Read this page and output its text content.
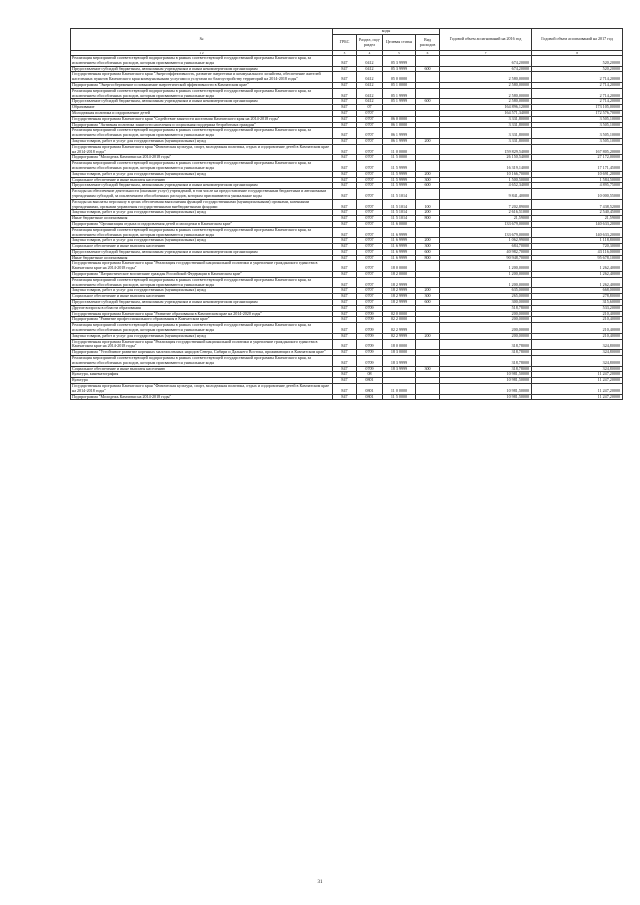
№	коды				Годовой объем ассигнований на 2016 год	Годовой объем ассигнований на 2017 год
	ГРБС	Раздел, под-раздел	Целевая статья	Вид расходов		
1 2	3	4	5	6	7	8
Реализация мероприятий соответствующей подпрограммы в рамках соответствующей государственной программы Камчатского края, за исключением обособленных расходов, которым присваиваются уникальные коды	847	0412	05 3 9999		674,20000	520,20000
Предоставление субсидий бюджетным, автономным учреждениям и иным некоммерческим организациям	847	0412	05 3 9999	600	674,20000	520,20000
Государственная программа Камчатского края "Энергоэффективность, развитие энергетики и коммунального хозяйства, обеспечение жителей населенных пунктов Камчатского края коммунальными услугами и услугами по благоустройству территорий на 2014-2018 годы"	847	0412	05 0 0000		2 580,00000	2 714,20000
Подпрограмма "Энергосбережение и повышение энергетической эффективности в Камчатском крае"	847	0412	05 1 0000		2 580,00000	2 714,20000
Реализация мероприятий соответствующей подпрограммы в рамках соответствующей государственной программы Камчатского края, за исключением обособленных расходов, которым присваиваются уникальные коды	847	0412	05 1 9999		2 580,00000	2 714,20000
Предоставление субсидий бюджетным, автономным учреждениям и иным некоммерческим организациям	847	0412	05 1 9999	600	2 580,00000	2 714,20000
Образование	847	07			164 896,12000	173 105,00000
Молодежная политика и оздоровление детей	847	0707			164 571,34000	172 576,70000
Государственная программа Камчатского края "Содействие занятости населения Камчатского края на 2014-2018 годы"	847	0707	06 0 0000		3 331,80000	3 505,10000
Подпрограмма "Активная политика занятости населения и социальная поддержка безработных граждан"	847	0707	06 1 0000		3 331,80000	3 505,10000
Реализация мероприятий соответствующей подпрограммы в рамках соответствующей государственной программы Камчатского края, за исключением обособленных расходов, которым присваиваются уникальные коды	847	0707	06 1 9999		3 331,80000	3 505,10000
Закупка товаров, работ и услуг для государственных (муниципальных) нужд	847	0707	06 1 9999	200	3 331,80000	3 505,10000
Государственная программа Камчатского края "Физическая культура, спорт, молодежная политика, отдых и оздоровление детей в Камчатском крае на 2014-2018 годы"	847	0707	11 0 0000		159 829,54000	167 805,20000
Подпрограмма "Молодежь Камчатки на 2014-2018 годы"	847	0707	11 5 0000		26 150,54000	27 172,00000
Реализация мероприятий соответствующей подпрограммы в рамках соответствующей государственной программы Камчатского края, за исключением обособленных расходов, которым присваиваются уникальные коды	847	0707	11 5 9999		16 319,14000	17 171,45000
Закупка товаров, работ и услуг для государственных (муниципальных) нужд	847	0707	11 5 9999	200	10 166,70000	10 691,20000
Социальное обеспечение и иные выплаты населению	847	0707	11 5 9999	300	1 500,50000	1 584,50000
Предоставление субсидий бюджетным, автономным учреждениям и иным некоммерческим организациям	847	0707	11 5 9999	600	4 652,34000	4 895,75000
Расходы на обеспечение деятельности (оказание услуг) учреждений, в том числе на предоставление государственным бюджетным и автономным учреждениям субсидий, за исключением обособленных расходов, которым присваиваются уникальные коды	847	0707	11 5 1014		9 841,40000	10 000,55000
Расходы на выплаты персоналу в целях обеспечения выполнения функций государственными (муниципальными) органами, казенными учреждениями, органами управления государственными внебюджетными фондами	847	0707	11 5 1014	100	7 202,89000	7 438,52000
Закупка товаров, работ и услуг для государственных (муниципальных) нужд	847	0707	11 5 1014	200	2 616,51000	2 540,45000
Иные бюджетные ассигнования	847	0707	11 5 1014	800	21,59000	21,59000
Подпрограмма "Организация отдыха и оздоровления детей и молодежи в Камчатском крае"	847	0707	11 6 0000		133 679,00000	140 633,20000
Реализация мероприятий соответствующей подпрограммы в рамках соответствующей государственной программы Камчатского края, за исключением обособленных расходов, которым присваиваются уникальные коды	847	0707	11 6 9999		133 679,00000	140 633,20000
Закупка товаров, работ и услуг для государственных (муниципальных) нужд	847	0707	11 6 9999	200	1 062,99000	1 118,80000
Социальное обеспечение и иные выплаты населению	847	0707	11 6 9999	300	684,70000	720,30000
Предоставление субсидий бюджетным, автономным учреждениям и иным некоммерческим организациям	847	0707	11 6 9999	600	40 982,70000	43 116,00000
Иные бюджетные ассигнования	847	0707	11 6 9999	800	90 948,70000	95 678,10000
Государственная программа Камчатского края "Реализация государственной национальной политики и укрепление гражданского единства в Камчатском крае на 2014-2018 годы"	847	0707	18 0 0000		1 200,00000	1 262,40000
Подпрограмма "Патриотическое воспитание граждан Российской Федерации в Камчатском крае"	847	0707	18 2 0000		1 200,00000	1 262,40000
Реализация мероприятий соответствующей подпрограммы в рамках соответствующей государственной программы Камчатского края, за исключением обособленных расходов, которым присваиваются уникальные коды	847	0707	18 2 9999		1 200,00000	1 262,40000
Закупка товаров, работ и услуг для государственных (муниципальных) нужд	847	0707	18 2 9999	200	635,00000	668,00000
Социальное обеспечение и иные выплаты населению	847	0707	18 2 9999	300	265,00000	278,80000
Предоставление субсидий бюджетным, автономным учреждениям и иным некоммерческим организациям	847	0707	18 2 9999	600	300,00000	315,60000
Другие вопросы в области образования	847	0709			518,78000	533,20000
Государственная программа Камчатского края "Развитие образования в Камчатском крае на 2014-2020 годы"	847	0709	02 0 0000		200,00000	210,40000
Подпрограмма "Развитие профессионального образования в Камчатском крае"	847	0709	02 2 0000		200,00000	210,40000
Реализация мероприятий соответствующей подпрограммы в рамках соответствующей государственной программы Камчатского края, за исключением обособленных расходов, которым присваиваются уникальные коды	847	0709	02 2 9999		200,00000	210,40000
Закупка товаров, работ и услуг для государственных (муниципальных) нужд	847	0709	02 2 9999	200	200,00000	210,40000
Государственная программа Камчатского края "Реализация государственной национальной политики и укрепление гражданского единства в Камчатском крае на 2014-2018 годы"	847	0709	18 0 0000		318,78000	324,80000
Подпрограмма "Устойчивое развитие коренных малочисленных народов Севера, Сибири и Дальнего Востока, проживающих в Камчатском крае"	847	0709	18 3 0000		318,78000	324,80000
Реализация мероприятий соответствующей подпрограммы в рамках соответствующей государственной программы Камчатского края, за исключением обособленных расходов, которым присваиваются уникальные коды	847	0709	18 3 9999		318,78000	324,80000
Социальное обеспечение и иные выплаты населению	847	0709	18 3 9999	300	318,78000	324,80000
Культура, кинематография	847	08			10 981,50000	11 247,20000
Культура	847	0801			10 981,50000	11 247,20000
Государственная программа Камчатского края "Физическая культура, спорт, молодежная политика, отдых и оздоровление детей в Камчатском крае на 2014-2018 годы"	847	0801	11 0 0000		10 981,50000	11 247,20000
Подпрограмма "Молодежь Камчатки на 2014-2018 годы"	847	0801	11 5 0000		10 981,50000	11 247,20000
31
